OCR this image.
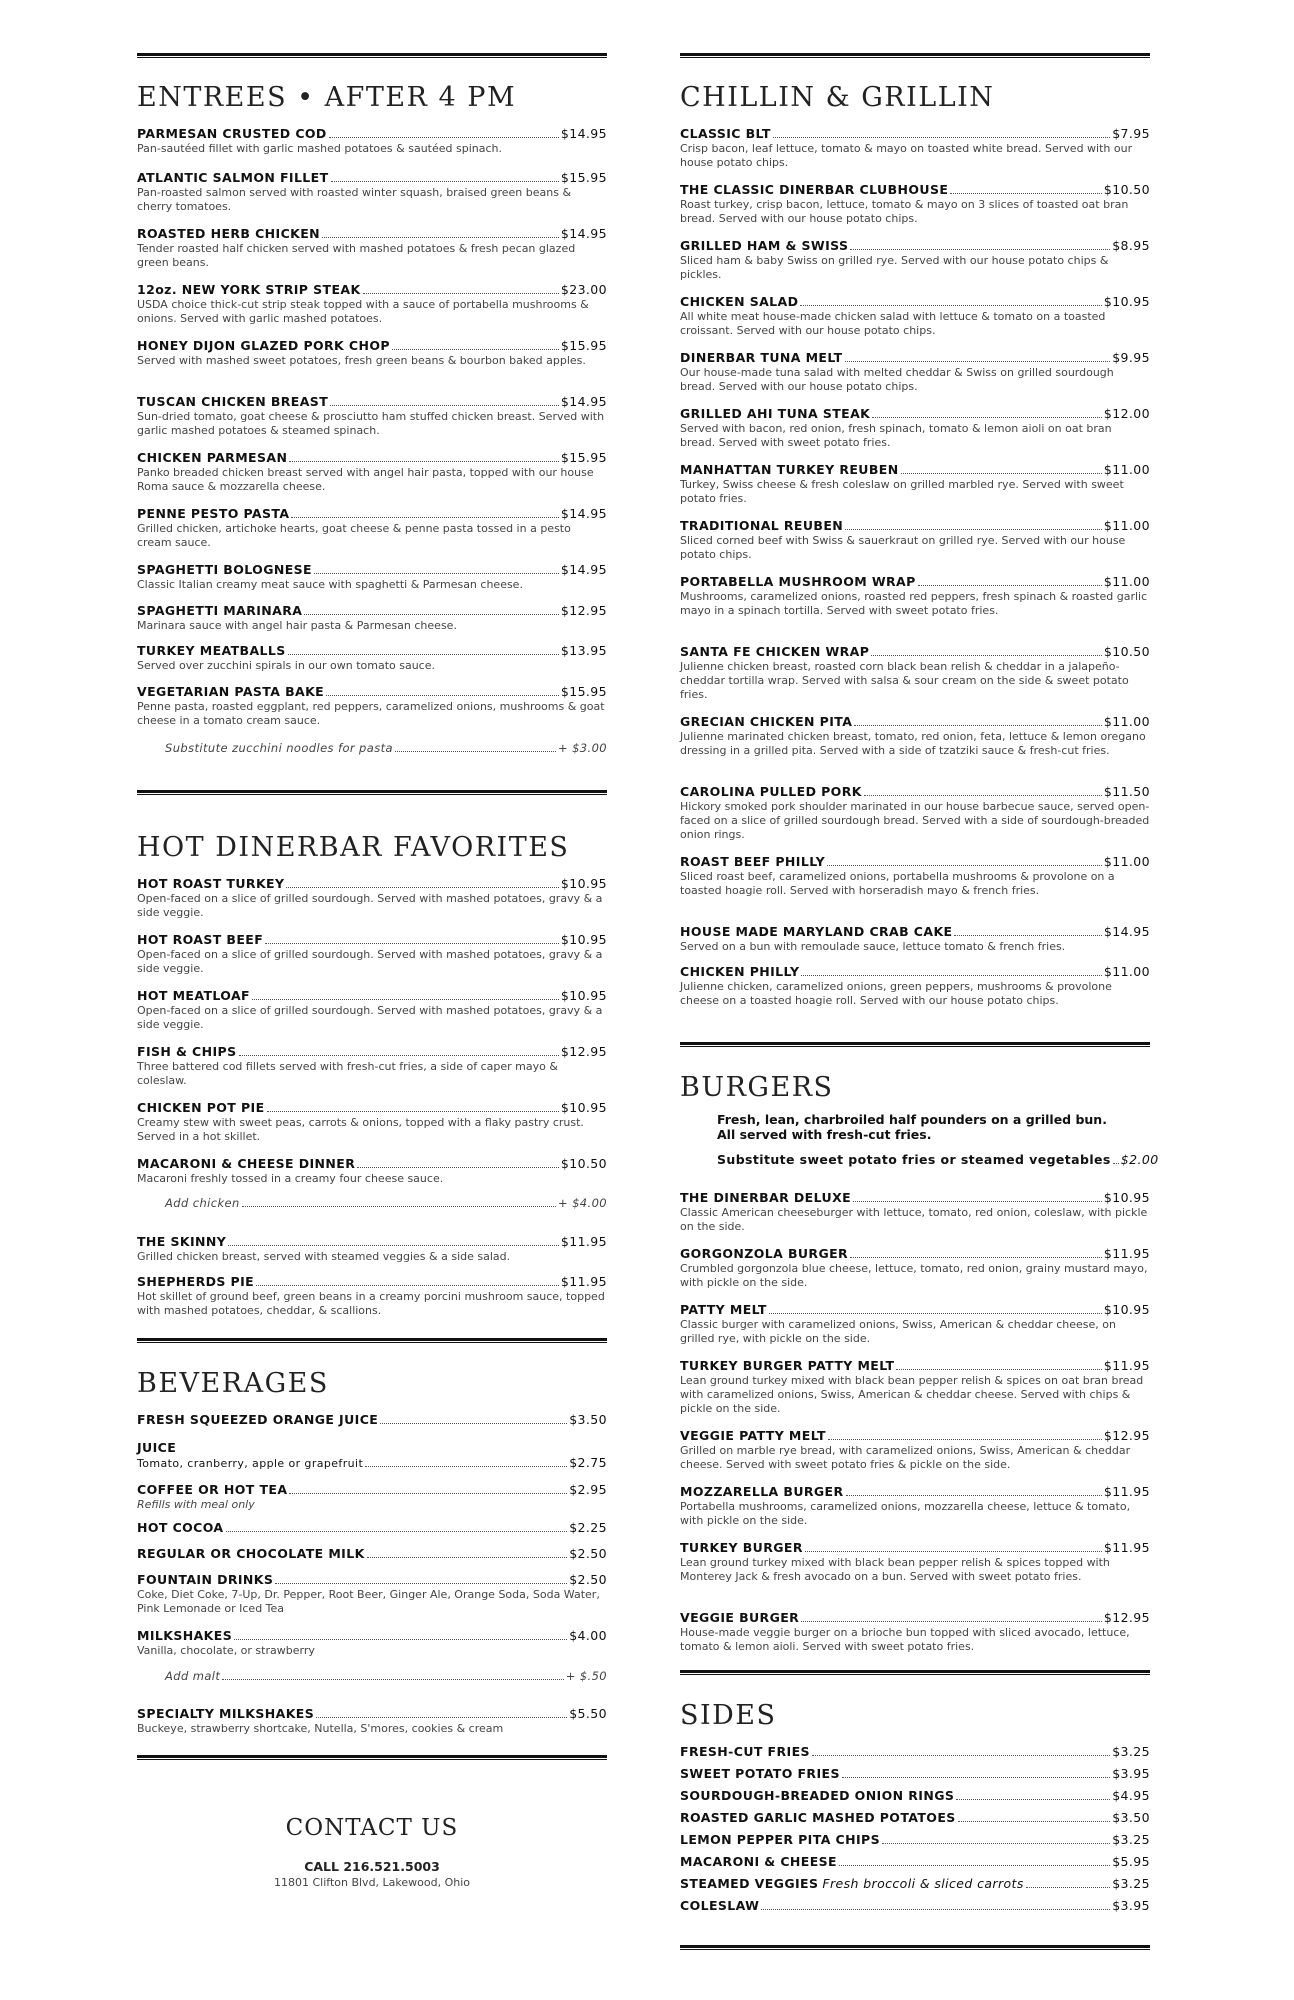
ENTREES • AFTER 4 PM
Substitute zucchini noodles for pasta	+ $3.00
HOT DINERBAR FAVORITES
Add chicken	+ $4.00
BEVERAGES
Add malt	+ $.50
SPECIALTY MILKSHAKES	$5.50
Buckeye, strawberry shortcake, Nutella, S'mores, cookies & cream
CONTACT US
CALL 216.521.5003
11801 Clifton Blvd, Lakewood, Ohio
PARMESAN CRUSTED COD	$14.95
Pan-sautéed fillet with garlic mashed potatoes & sautéed spinach.
ATLANTIC SALMON FILLET	$15.95
Pan-roasted salmon served with roasted winter squash, braised green beans & cherry tomatoes.
ROASTED HERB CHICKEN	$14.95
Tender roasted half chicken served with mashed potatoes & fresh pecan glazed green beans.
12oz. NEW YORK STRIP STEAK	$23.00
USDA choice thick-cut strip steak topped with a sauce of portabella mushrooms & onions. Served with garlic mashed potatoes.
HONEY DIJON GLAZED PORK CHOP	$15.95
Served with mashed sweet potatoes, fresh green beans & bourbon baked apples.
TUSCAN CHICKEN BREAST	$14.95
Sun-dried tomato, goat cheese & prosciutto ham stuffed chicken breast. Served with garlic mashed potatoes & steamed spinach.
CHICKEN PARMESAN	$15.95
Panko breaded chicken breast served with angel hair pasta, topped with our house Roma sauce & mozzarella cheese.
PENNE PESTO PASTA	$14.95
Grilled chicken, artichoke hearts, goat cheese & penne pasta tossed in a pesto cream sauce.
SPAGHETTI BOLOGNESE	$14.95
Classic Italian creamy meat sauce with spaghetti & Parmesan cheese.
SPAGHETTI MARINARA	$12.95
Marinara sauce with angel hair pasta & Parmesan cheese.
TURKEY MEATBALLS	$13.95
Served over zucchini spirals in our own tomato sauce.
VEGETARIAN PASTA BAKE	$15.95
Penne pasta, roasted eggplant, red peppers, caramelized onions, mushrooms & goat cheese in a tomato cream sauce.
HOT ROAST TURKEY	$10.95
Open-faced on a slice of grilled sourdough. Served with mashed potatoes, gravy & a side veggie.
HOT ROAST BEEF	$10.95
Open-faced on a slice of grilled sourdough. Served with mashed potatoes, gravy & a side veggie.
HOT MEATLOAF	$10.95
Open-faced on a slice of grilled sourdough. Served with mashed potatoes, gravy & a side veggie.
FISH & CHIPS	$12.95
Three battered cod fillets served with fresh-cut fries, a side of caper mayo & coleslaw.
CHICKEN POT PIE	$10.95
Creamy stew with sweet peas, carrots & onions, topped with a flaky pastry crust. Served in a hot skillet.
MACARONI & CHEESE DINNER	$10.50
Macaroni freshly tossed in a creamy four cheese sauce.
THE SKINNY	$11.95
Grilled chicken breast, served with steamed veggies & a side salad.
SHEPHERDS PIE	$11.95
Hot skillet of ground beef, green beans in a creamy porcini mushroom sauce, topped with mashed potatoes, cheddar, & scallions.
FRESH SQUEEZED ORANGE JUICE	$3.50
JUICE
Tomato, cranberry, apple or grapefruit	$2.75
COFFEE OR HOT TEA	$2.95
Refills with meal only
HOT COCOA	$2.25
REGULAR OR CHOCOLATE MILK	$2.50
FOUNTAIN DRINKS	$2.50
Coke, Diet Coke, 7-Up, Dr. Pepper, Root Beer, Ginger Ale, Orange Soda, Soda Water, Pink Lemonade or Iced Tea
MILKSHAKES	$4.00
Vanilla, chocolate, or strawberry
CHILLIN & GRILLIN
BURGERS
Fresh, lean, charbroiled half pounders on a grilled bun.
All served with fresh-cut fries.
Substitute sweet potato fries or steamed vegetables $2.00
SIDES
CLASSIC BLT	$7.95
Crisp bacon, leaf lettuce, tomato & mayo on toasted white bread. Served with our house potato chips.
THE CLASSIC DINERBAR CLUBHOUSE	$10.50
Roast turkey, crisp bacon, lettuce, tomato & mayo on 3 slices of toasted oat bran bread. Served with our house potato chips.
GRILLED HAM & SWISS	$8.95
Sliced ham & baby Swiss on grilled rye. Served with our house potato chips & pickles.
CHICKEN SALAD	$10.95
All white meat house-made chicken salad with lettuce & tomato on a toasted croissant. Served with our house potato chips.
DINERBAR TUNA MELT	$9.95
Our house-made tuna salad with melted cheddar & Swiss on grilled sourdough bread. Served with our house potato chips.
GRILLED AHI TUNA STEAK	$12.00
Served with bacon, red onion, fresh spinach, tomato & lemon aioli on oat bran bread. Served with sweet potato fries.
MANHATTAN TURKEY REUBEN	$11.00
Turkey, Swiss cheese & fresh coleslaw on grilled marbled rye. Served with sweet potato fries.
TRADITIONAL REUBEN	$11.00
Sliced corned beef with Swiss & sauerkraut on grilled rye. Served with our house potato chips.
PORTABELLA MUSHROOM WRAP	$11.00
Mushrooms, caramelized onions, roasted red peppers, fresh spinach & roasted garlic mayo in a spinach tortilla. Served with sweet potato fries.
SANTA FE CHICKEN WRAP	$10.50
Julienne chicken breast, roasted corn black bean relish & cheddar in a jalapeño-cheddar tortilla wrap. Served with salsa & sour cream on the side & sweet potato fries.
GRECIAN CHICKEN PITA	$11.00
Julienne marinated chicken breast, tomato, red onion, feta, lettuce & lemon oregano dressing in a grilled pita. Served with a side of tzatziki sauce & fresh-cut fries.
CAROLINA PULLED PORK	$11.50
Hickory smoked pork shoulder marinated in our house barbecue sauce, served open-faced on a slice of grilled sourdough bread. Served with a side of sourdough-breaded onion rings.
ROAST BEEF PHILLY	$11.00
Sliced roast beef, caramelized onions, portabella mushrooms & provolone on a toasted hoagie roll. Served with horseradish mayo & french fries.
HOUSE MADE MARYLAND CRAB CAKE	$14.95
Served on a bun with remoulade sauce, lettuce tomato & french fries.
CHICKEN PHILLY	$11.00
Julienne chicken, caramelized onions, green peppers, mushrooms & provolone cheese on a toasted hoagie roll. Served with our house potato chips.
THE DINERBAR DELUXE	$10.95
Classic American cheeseburger with lettuce, tomato, red onion, coleslaw, with pickle on the side.
GORGONZOLA BURGER	$11.95
Crumbled gorgonzola blue cheese, lettuce, tomato, red onion, grainy mustard mayo, with pickle on the side.
PATTY MELT	$10.95
Classic burger with caramelized onions, Swiss, American & cheddar cheese, on grilled rye, with pickle on the side.
TURKEY BURGER PATTY MELT	$11.95
Lean ground turkey mixed with black bean pepper relish & spices on oat bran bread with caramelized onions, Swiss, American & cheddar cheese. Served with chips & pickle on the side.
VEGGIE PATTY MELT	$12.95
Grilled on marble rye bread, with caramelized onions, Swiss, American & cheddar cheese. Served with sweet potato fries & pickle on the side.
MOZZARELLA BURGER	$11.95
Portabella mushrooms, caramelized onions, mozzarella cheese, lettuce & tomato, with pickle on the side.
TURKEY BURGER	$11.95
Lean ground turkey mixed with black bean pepper relish & spices topped with Monterey Jack & fresh avocado on a bun. Served with sweet potato fries.
VEGGIE BURGER	$12.95
House-made veggie burger on a brioche bun topped with sliced avocado, lettuce, tomato & lemon aioli. Served with sweet potato fries.
FRESH-CUT FRIES	$3.25
SWEET POTATO FRIES	$3.95
SOURDOUGH-BREADED ONION RINGS	$4.95
ROASTED GARLIC MASHED POTATOES	$3.50
LEMON PEPPER PITA CHIPS	$3.25
MACARONI & CHEESE	$5.95
STEAMED VEGGIES Fresh broccoli & sliced carrots	$3.25
COLESLAW	$3.95
